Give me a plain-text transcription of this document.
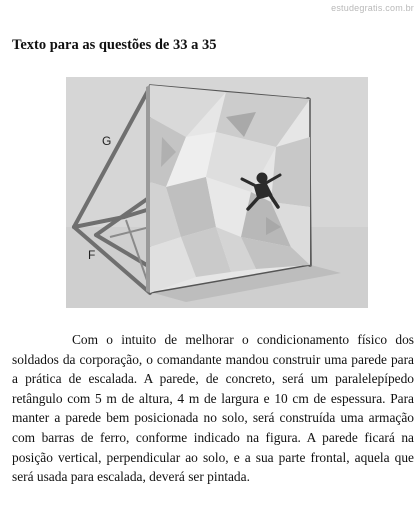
estudegratis.com.br
Texto para as questões de 33 a 35
G
F

Com o intuito de melhorar o condicionamento físico dos soldados da corporação, o comandante mandou construir uma parede para a prática de escalada. A parede, de concreto, será um paralelepípedo retângulo com 5 m de altura, 4 m de largura e 10 cm de espessura. Para manter a parede bem posicionada no solo, será construída uma armação com barras de ferro, conforme indicado na figura. A parede ficará na posição vertical, perpendicular ao solo, e a sua parte frontal, aquela que será usada para escalada, deverá ser pintada.
